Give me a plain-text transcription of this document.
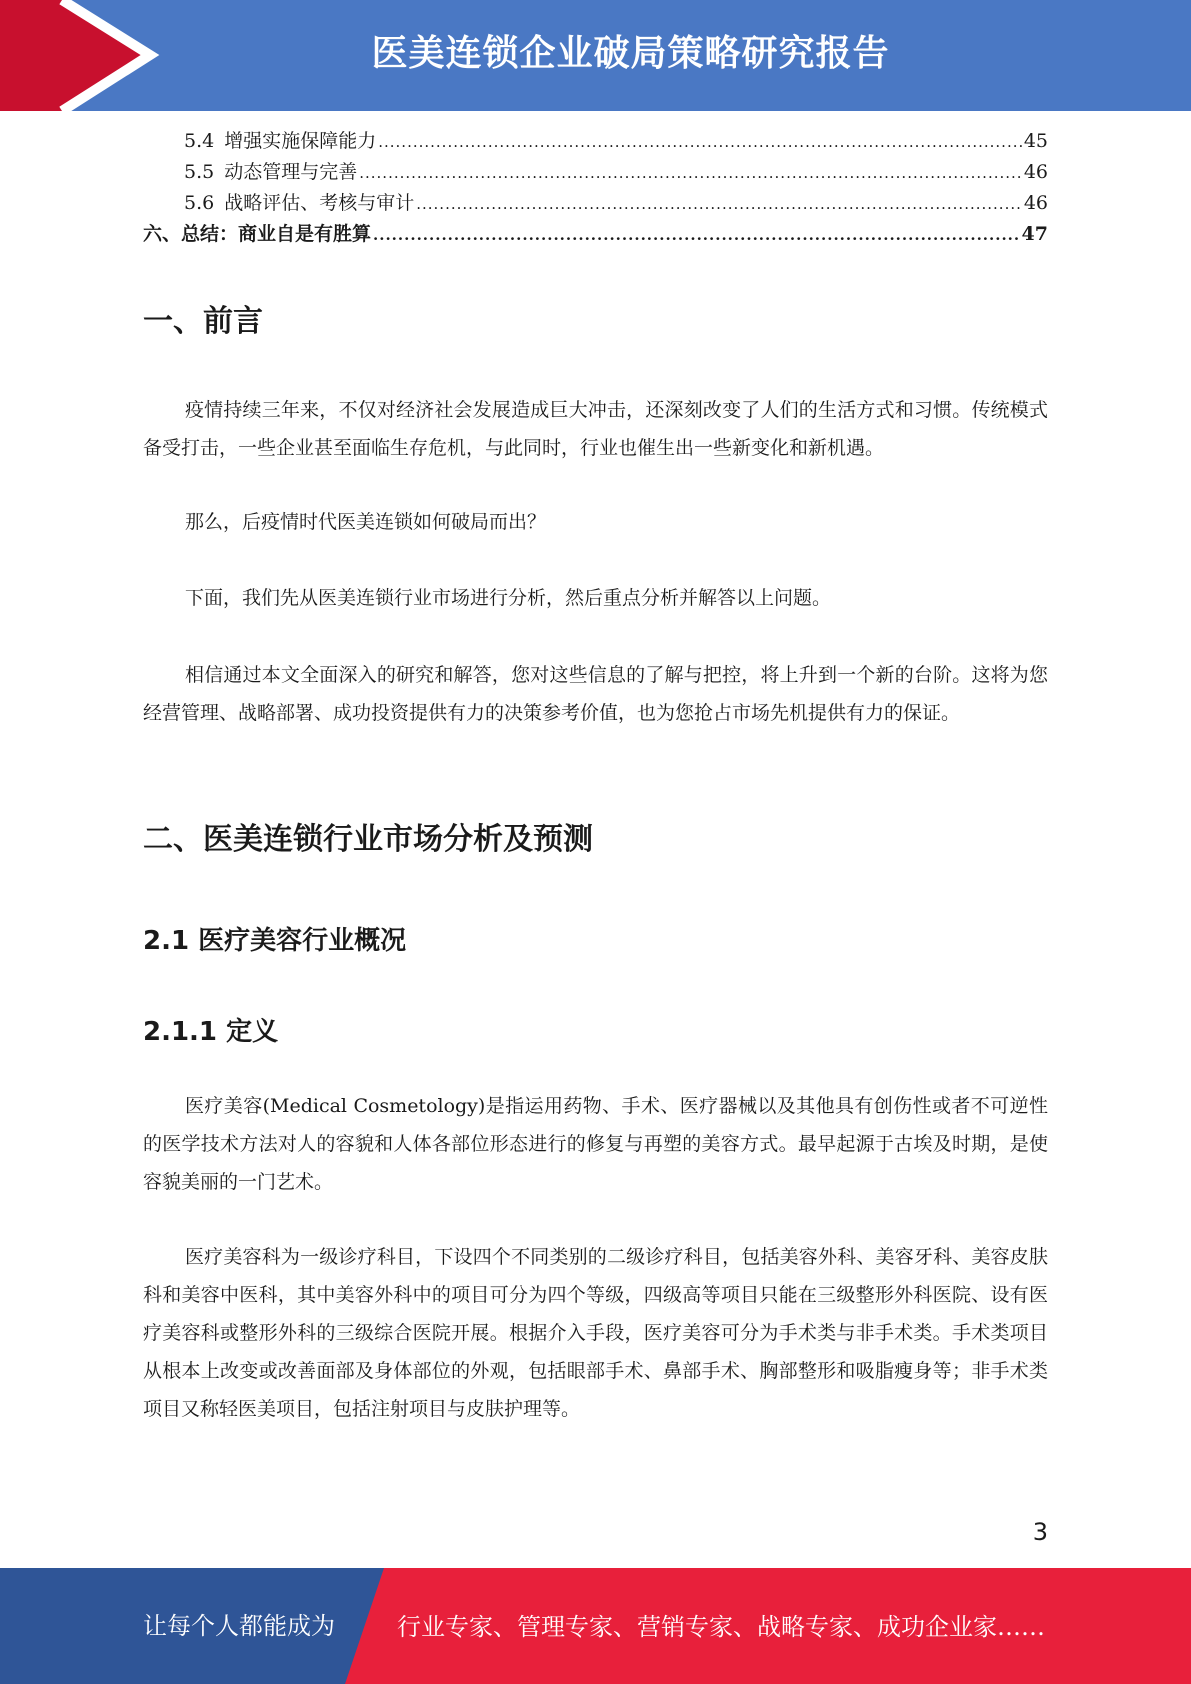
医美连锁企业破局策略研究报告
5.4 增强实施保障能力 .....	45
5.5 动态管理与完善 .....	46
5.6 战略评估、考核与审计 .....	46
六、总结：商业自是有胜算 .....	47
一、前言

疫情持续三年来，不仅对经济社会发展造成巨大冲击，还深刻改变了人们的生活方式和习惯。传统模式备受打击，一些企业甚至面临生存危机，与此同时，行业也催生出一些新变化和新机遇。

那么，后疫情时代医美连锁如何破局而出？

下面，我们先从医美连锁行业市场进行分析，然后重点分析并解答以上问题。

相信通过本文全面深入的研究和解答，您对这些信息的了解与把控，将上升到一个新的台阶。这将为您经营管理、战略部署、成功投资提供有力的决策参考价值，也为您抢占市场先机提供有力的保证。

二、医美连锁行业市场分析及预测
2.1 医疗美容行业概况
2.1.1 定义

医疗美容(Medical Cosmetology)是指运用药物、手术、医疗器械以及其他具有创伤性或者不可逆性的医学技术方法对人的容貌和人体各部位形态进行的修复与再塑的美容方式。最早起源于古埃及时期，是使容貌美丽的一门艺术。

医疗美容科为一级诊疗科目，下设四个不同类别的二级诊疗科目，包括美容外科、美容牙科、美容皮肤科和美容中医科，其中美容外科中的项目可分为四个等级，四级高等项目只能在三级整形外科医院、设有医疗美容科或整形外科的三级综合医院开展。根据介入手段，医疗美容可分为手术类与非手术类。手术类项目从根本上改变或改善面部及身体部位的外观，包括眼部手术、鼻部手术、胸部整形和吸脂瘦身等；非手术类项目又称轻医美项目，包括注射项目与皮肤护理等。

3
让每个人都能成为	行业专家、管理专家、营销专家、战略专家、成功企业家……
